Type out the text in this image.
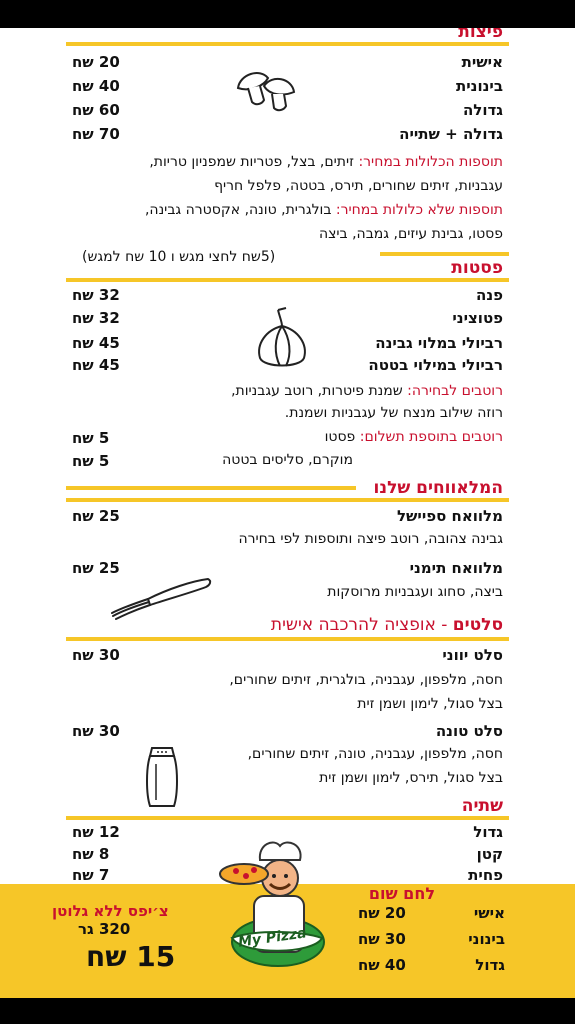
פיצות
אישית
20 שח
בינונית
40 שח
גדולה
60 שח
גדולה + שתייה
70 שח
תוספות הכלולות במחיר: זיתים, בצל, פטריות שמפניון טריות,
עגבניות, זיתים שחורים, תירס, בטטה, פלפל חריף
תוספות שלא כלולות במחיר: בולגרית, טונה, אקסטרה גבינה,
פסטו, גבינת עיזים, גמבה, ביצה
(5שח לחצי מגש ו 10 שח למגש)
פסטות
פנה
32 שח
פטוציני
32 שח
רביולי במלוי גבינה
45 שח
רביולי במילוי בטטה
45 שח
רוטבים לבחירה: שמנת פיטרות, רוטב עגבניות,
רוזה שילוב מנצח של עגבניות ושמנת.
רוטבים בתוספת תשלום: פסטו
5 שח
מוקרם, סליסים בטטה
5 שח
המלאווחים שלנו
מלוואח ספיישל
25 שח
גבינה צהובה, רוטב פיצה ותוספות לפי בחירה
מלוואח תימני
25 שח
ביצה, סחוג ועגבניות מרוסקות
סלטים - אופציה להרכבה אישית
סלט יווני
30 שח
חסה, מלפפון, עגבניה, בולגרית, זיתים שחורים,
בצל סגול, לימון ושמן זית
סלט טונה
30 שח
חסה, מלפפון, עגבניה, טונה, זיתים שחורים,
בצל סגול, תירס, לימון ושמן זית
שתיה
גדול
12 שח
קטן
8 שח
פחית
7 שח
לחם שום
אישי
20 שח
בינוני
30 שח
גדול
40 שח
צ׳יפס ללא גלוטן
320 גר
15 שח
My Pizza
